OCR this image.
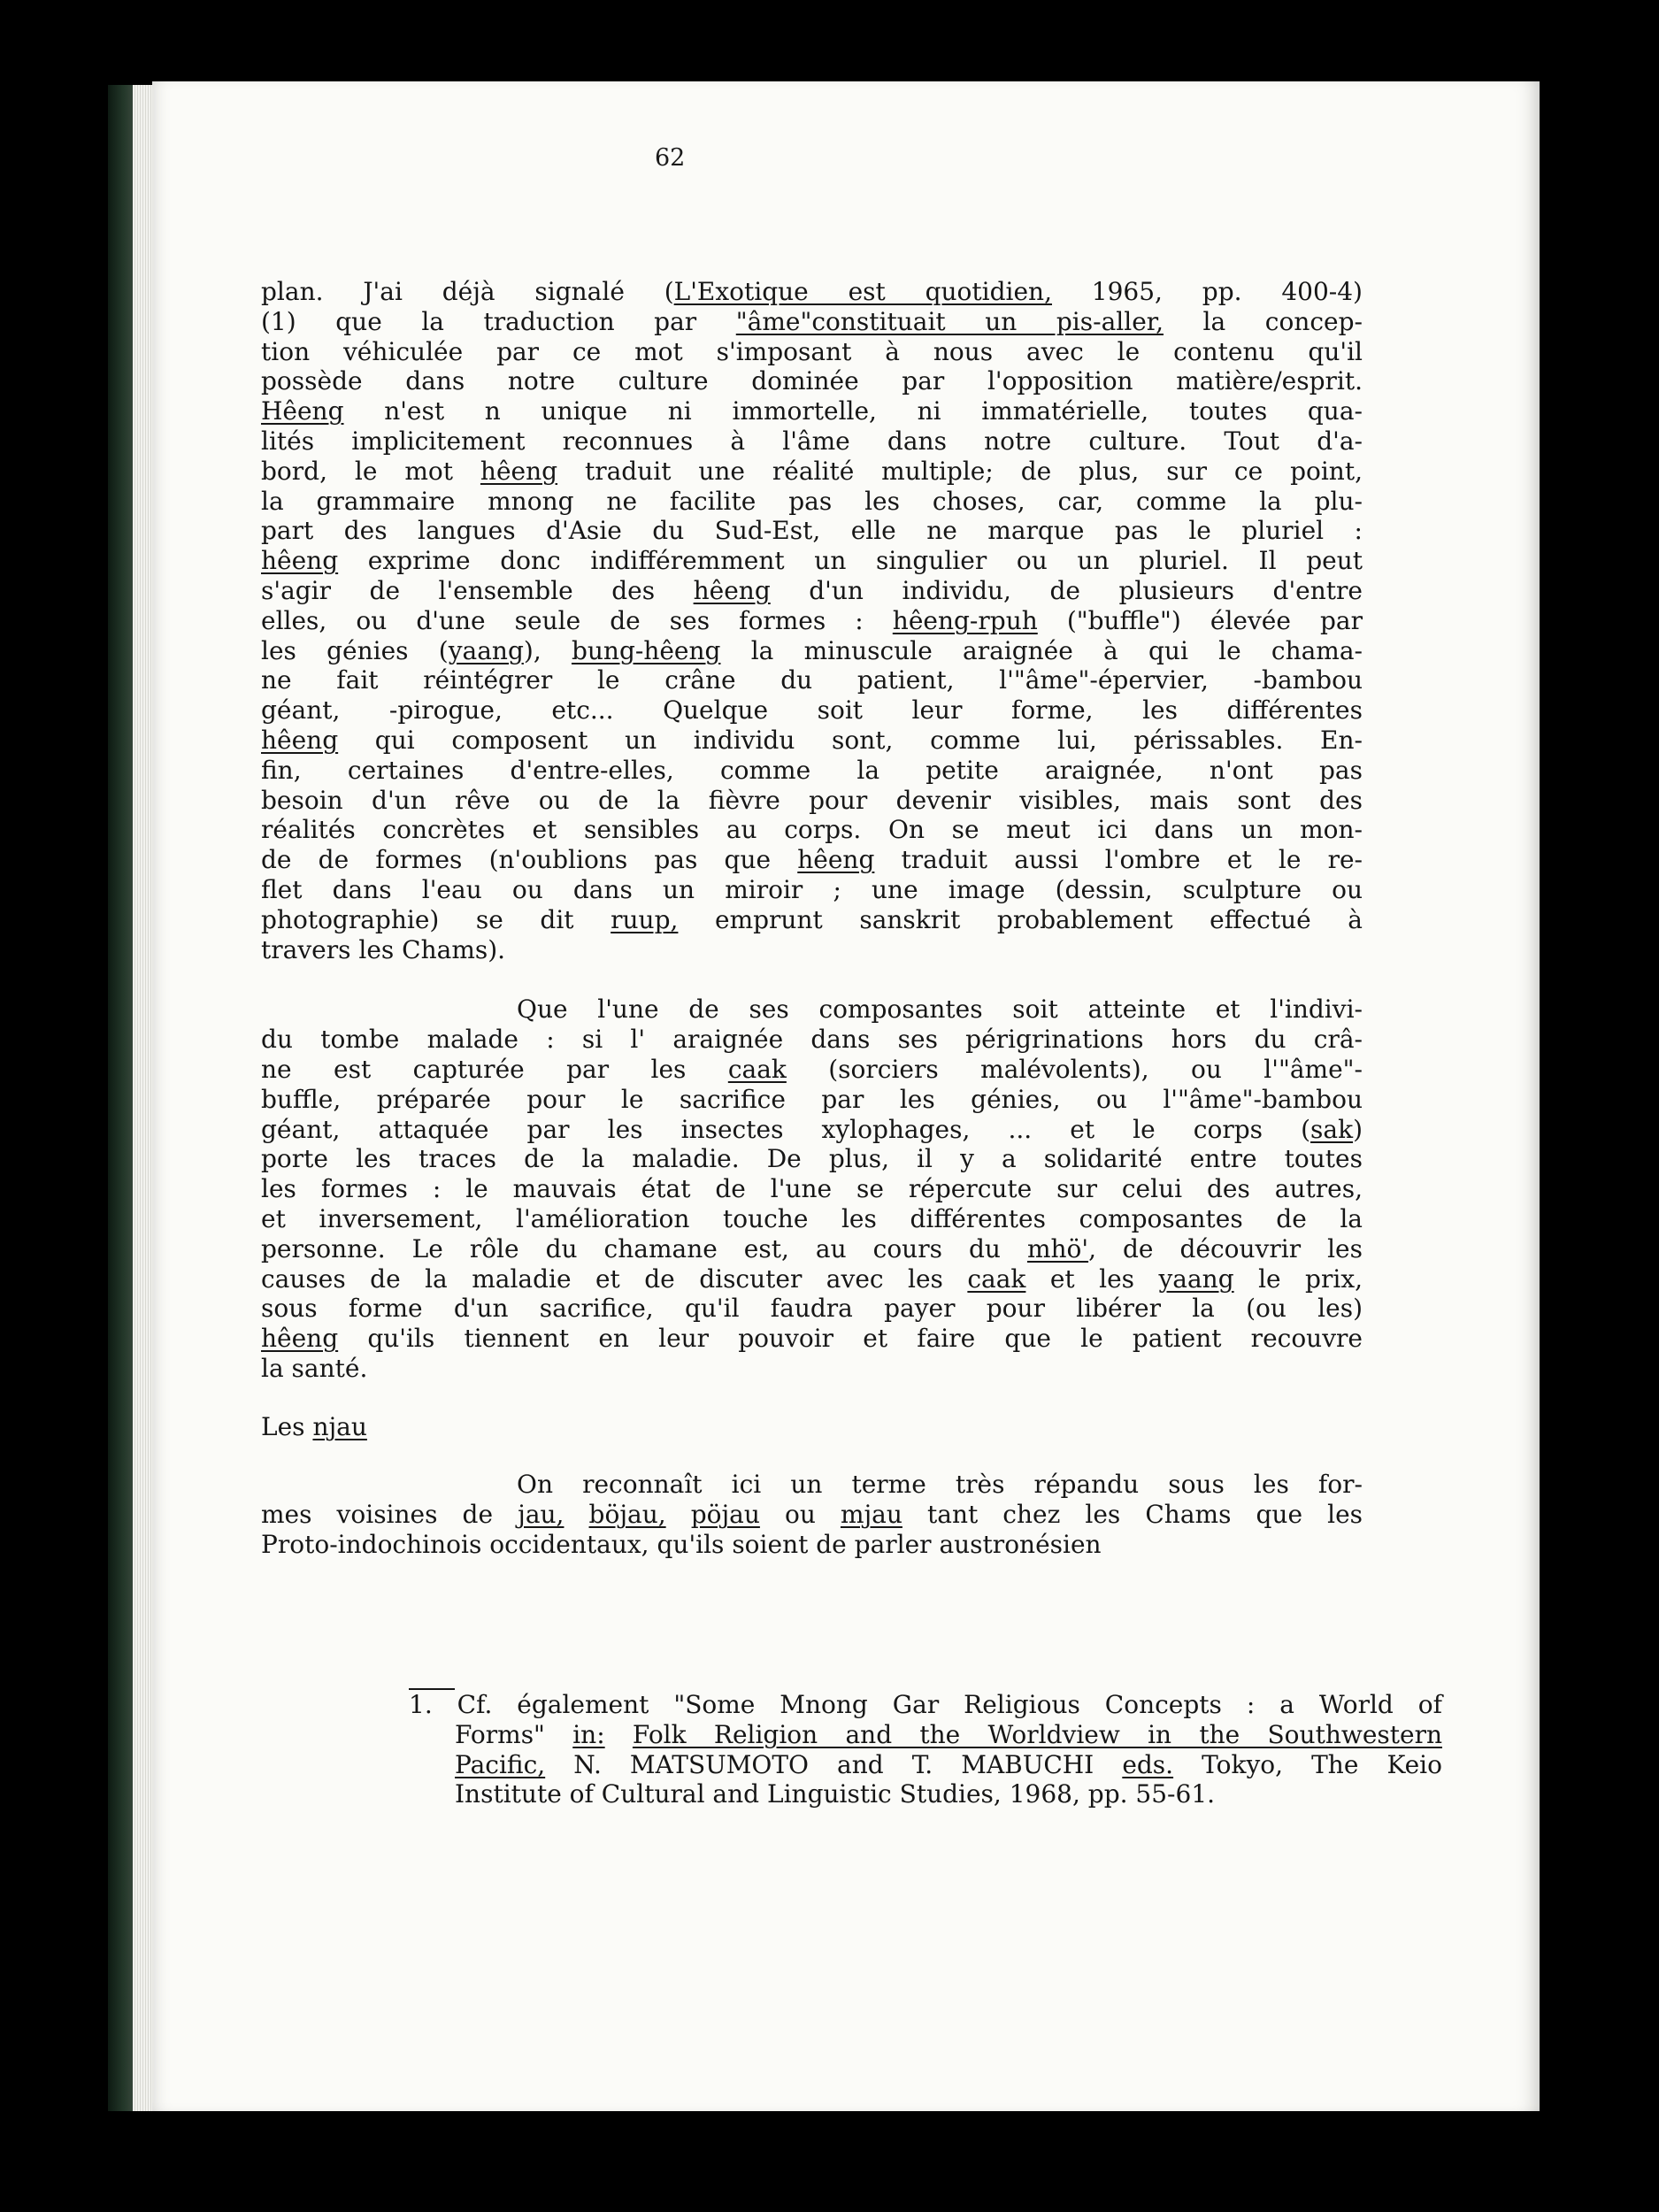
62
plan. J'ai déjà signalé (L'Exotique est quotidien, 1965, pp. 400-4)
(1) que la traduction par "âme"constituait un pis-aller, la concep-
tion véhiculée par ce mot s'imposant à nous avec le contenu qu'il
possède dans notre culture dominée par l'opposition matière/esprit.
Hêeng n'est n unique ni immortelle, ni immatérielle, toutes qua-
lités implicitement reconnues à l'âme dans notre culture. Tout d'a-
bord, le mot hêeng traduit une réalité multiple; de plus, sur ce point,
la grammaire mnong ne facilite pas les choses, car, comme la plu-
part des langues d'Asie du Sud-Est, elle ne marque pas le pluriel :
hêeng exprime donc indifféremment un singulier ou un pluriel. Il peut
s'agir de l'ensemble des hêeng d'un individu, de plusieurs d'entre
elles, ou d'une seule de ses formes : hêeng-rpuh ("buffle") élevée par
les génies (yaang), bung-hêeng la minuscule araignée à qui le chama-
ne fait réintégrer le crâne du patient, l'"âme"-épervier, -bambou
géant, -pirogue, etc... Quelque soit leur forme, les différentes
hêeng qui composent un individu sont, comme lui, périssables. En-
fin, certaines d'entre-elles, comme la petite araignée, n'ont pas
besoin d'un rêve ou de la fièvre pour devenir visibles, mais sont des
réalités concrètes et sensibles au corps. On se meut ici dans un mon-
de de formes (n'oublions pas que hêeng traduit aussi l'ombre et le re-
flet dans l'eau ou dans un miroir ; une image (dessin, sculpture ou
photographie) se dit ruup, emprunt sanskrit probablement effectué à
travers les Chams).
Que l'une de ses composantes soit atteinte et l'indivi-
du tombe malade : si l' araignée dans ses périgrinations hors du crâ-
ne est capturée par les caak (sorciers malévolents), ou l'"âme"-
buffle, préparée pour le sacrifice par les génies, ou l'"âme"-bambou
géant, attaquée par les insectes xylophages, ... et le corps (sak)
porte les traces de la maladie. De plus, il y a solidarité entre toutes
les formes : le mauvais état de l'une se répercute sur celui des autres,
et inversement, l'amélioration touche les différentes composantes de la
personne. Le rôle du chamane est, au cours du mhö', de découvrir les
causes de la maladie et de discuter avec les caak et les yaang le prix,
sous forme d'un sacrifice, qu'il faudra payer pour libérer la (ou les)
hêeng qu'ils tiennent en leur pouvoir et faire que le patient recouvre
la santé.
Les njau
On reconnaît ici un terme très répandu sous les for-
mes voisines de jau, böjau, pöjau ou mjau tant chez les Chams que les
Proto-indochinois occidentaux, qu'ils soient de parler austronésien
1. Cf. également "Some Mnong Gar Religious Concepts : a World of
Forms" in: Folk Religion and the Worldview in the Southwestern
Pacific, N. MATSUMOTO and T. MABUCHI eds. Tokyo, The Keio
Institute of Cultural and Linguistic Studies, 1968, pp. 55-61.
